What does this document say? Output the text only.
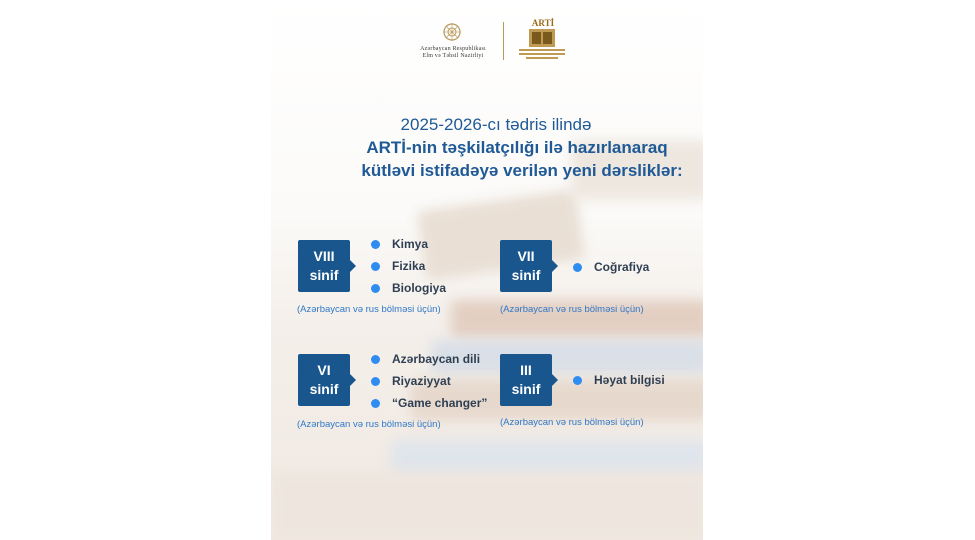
Azərbaycan Respublikası
Elm və Təhsil Nazirliyi
ARTİ
2025-2026-cı tədris ilində
ARTİ-nin təşkilatçılığı ilə hazırlanaraq
kütləvi istifadəyə verilən yeni dərsliklər:
VIII
sinif
Kimya
Fizika
Biologiya
(Azərbaycan və rus bölməsi üçün)
VII
sinif	Coğrafiya
(Azərbaycan və rus bölməsi üçün)
VI
sinif
Azərbaycan dili
Riyaziyyat
“Game changer”
(Azərbaycan və rus bölməsi üçün)
III
sinif
Həyat bilgisi
(Azərbaycan və rus bölməsi üçün)
